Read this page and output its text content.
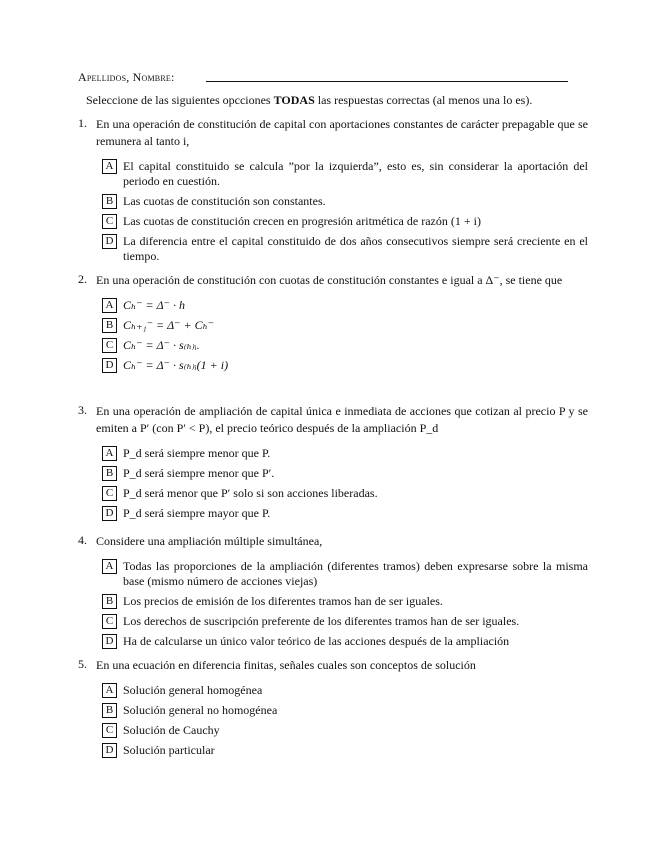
Apellidos, Nombre:
Seleccione de las siguientes opcciones TODAS las respuestas correctas (al menos una lo es).
1. En una operación de constitución de capital con aportaciones constantes de carácter prepagable que se remunera al tanto i,
A El capital constituido se calcula ”por la izquierda”, esto es, sin considerar la aportación del periodo en cuestión.
B Las cuotas de constitución son constantes.
C Las cuotas de constitución crecen en progresión aritmética de razón (1 + i)
D La diferencia entre el capital constituido de dos años consecutivos siempre será creciente en el tiempo.
2. En una operación de constitución con cuotas de constitución constantes e igual a Δ⁻, se tiene que
A Cₕ⁻ = Δ⁻ · h
B Cₕ₊₁⁻ = Δ⁻ + Cₕ⁻
C Cₕ⁻ = Δ⁻ · s₍ₕ₎ᵢ.
D Cₕ⁻ = Δ⁻ · s₍ₕ₎ᵢ(1 + i)
3. En una operación de ampliación de capital única e inmediata de acciones que cotizan al precio P y se emiten a P′ (con P′ < P), el precio teórico después de la ampliación P_d
A P_d será siempre menor que P.
B P_d será siempre menor que P′.
C P_d será menor que P′ solo si son acciones liberadas.
D P_d será siempre mayor que P.
4. Considere una ampliación múltiple simultánea,
A Todas las proporciones de la ampliación (diferentes tramos) deben expresarse sobre la misma base (mismo número de acciones viejas)
B Los precios de emisión de los diferentes tramos han de ser iguales.
C Los derechos de suscripción preferente de los diferentes tramos han de ser iguales.
D Ha de calcularse un único valor teórico de las acciones después de la ampliación
5. En una ecuación en diferencia finitas, señales cuales son conceptos de solución
A Solución general homogénea
B Solución general no homogénea
C Solución de Cauchy
D Solución particular
